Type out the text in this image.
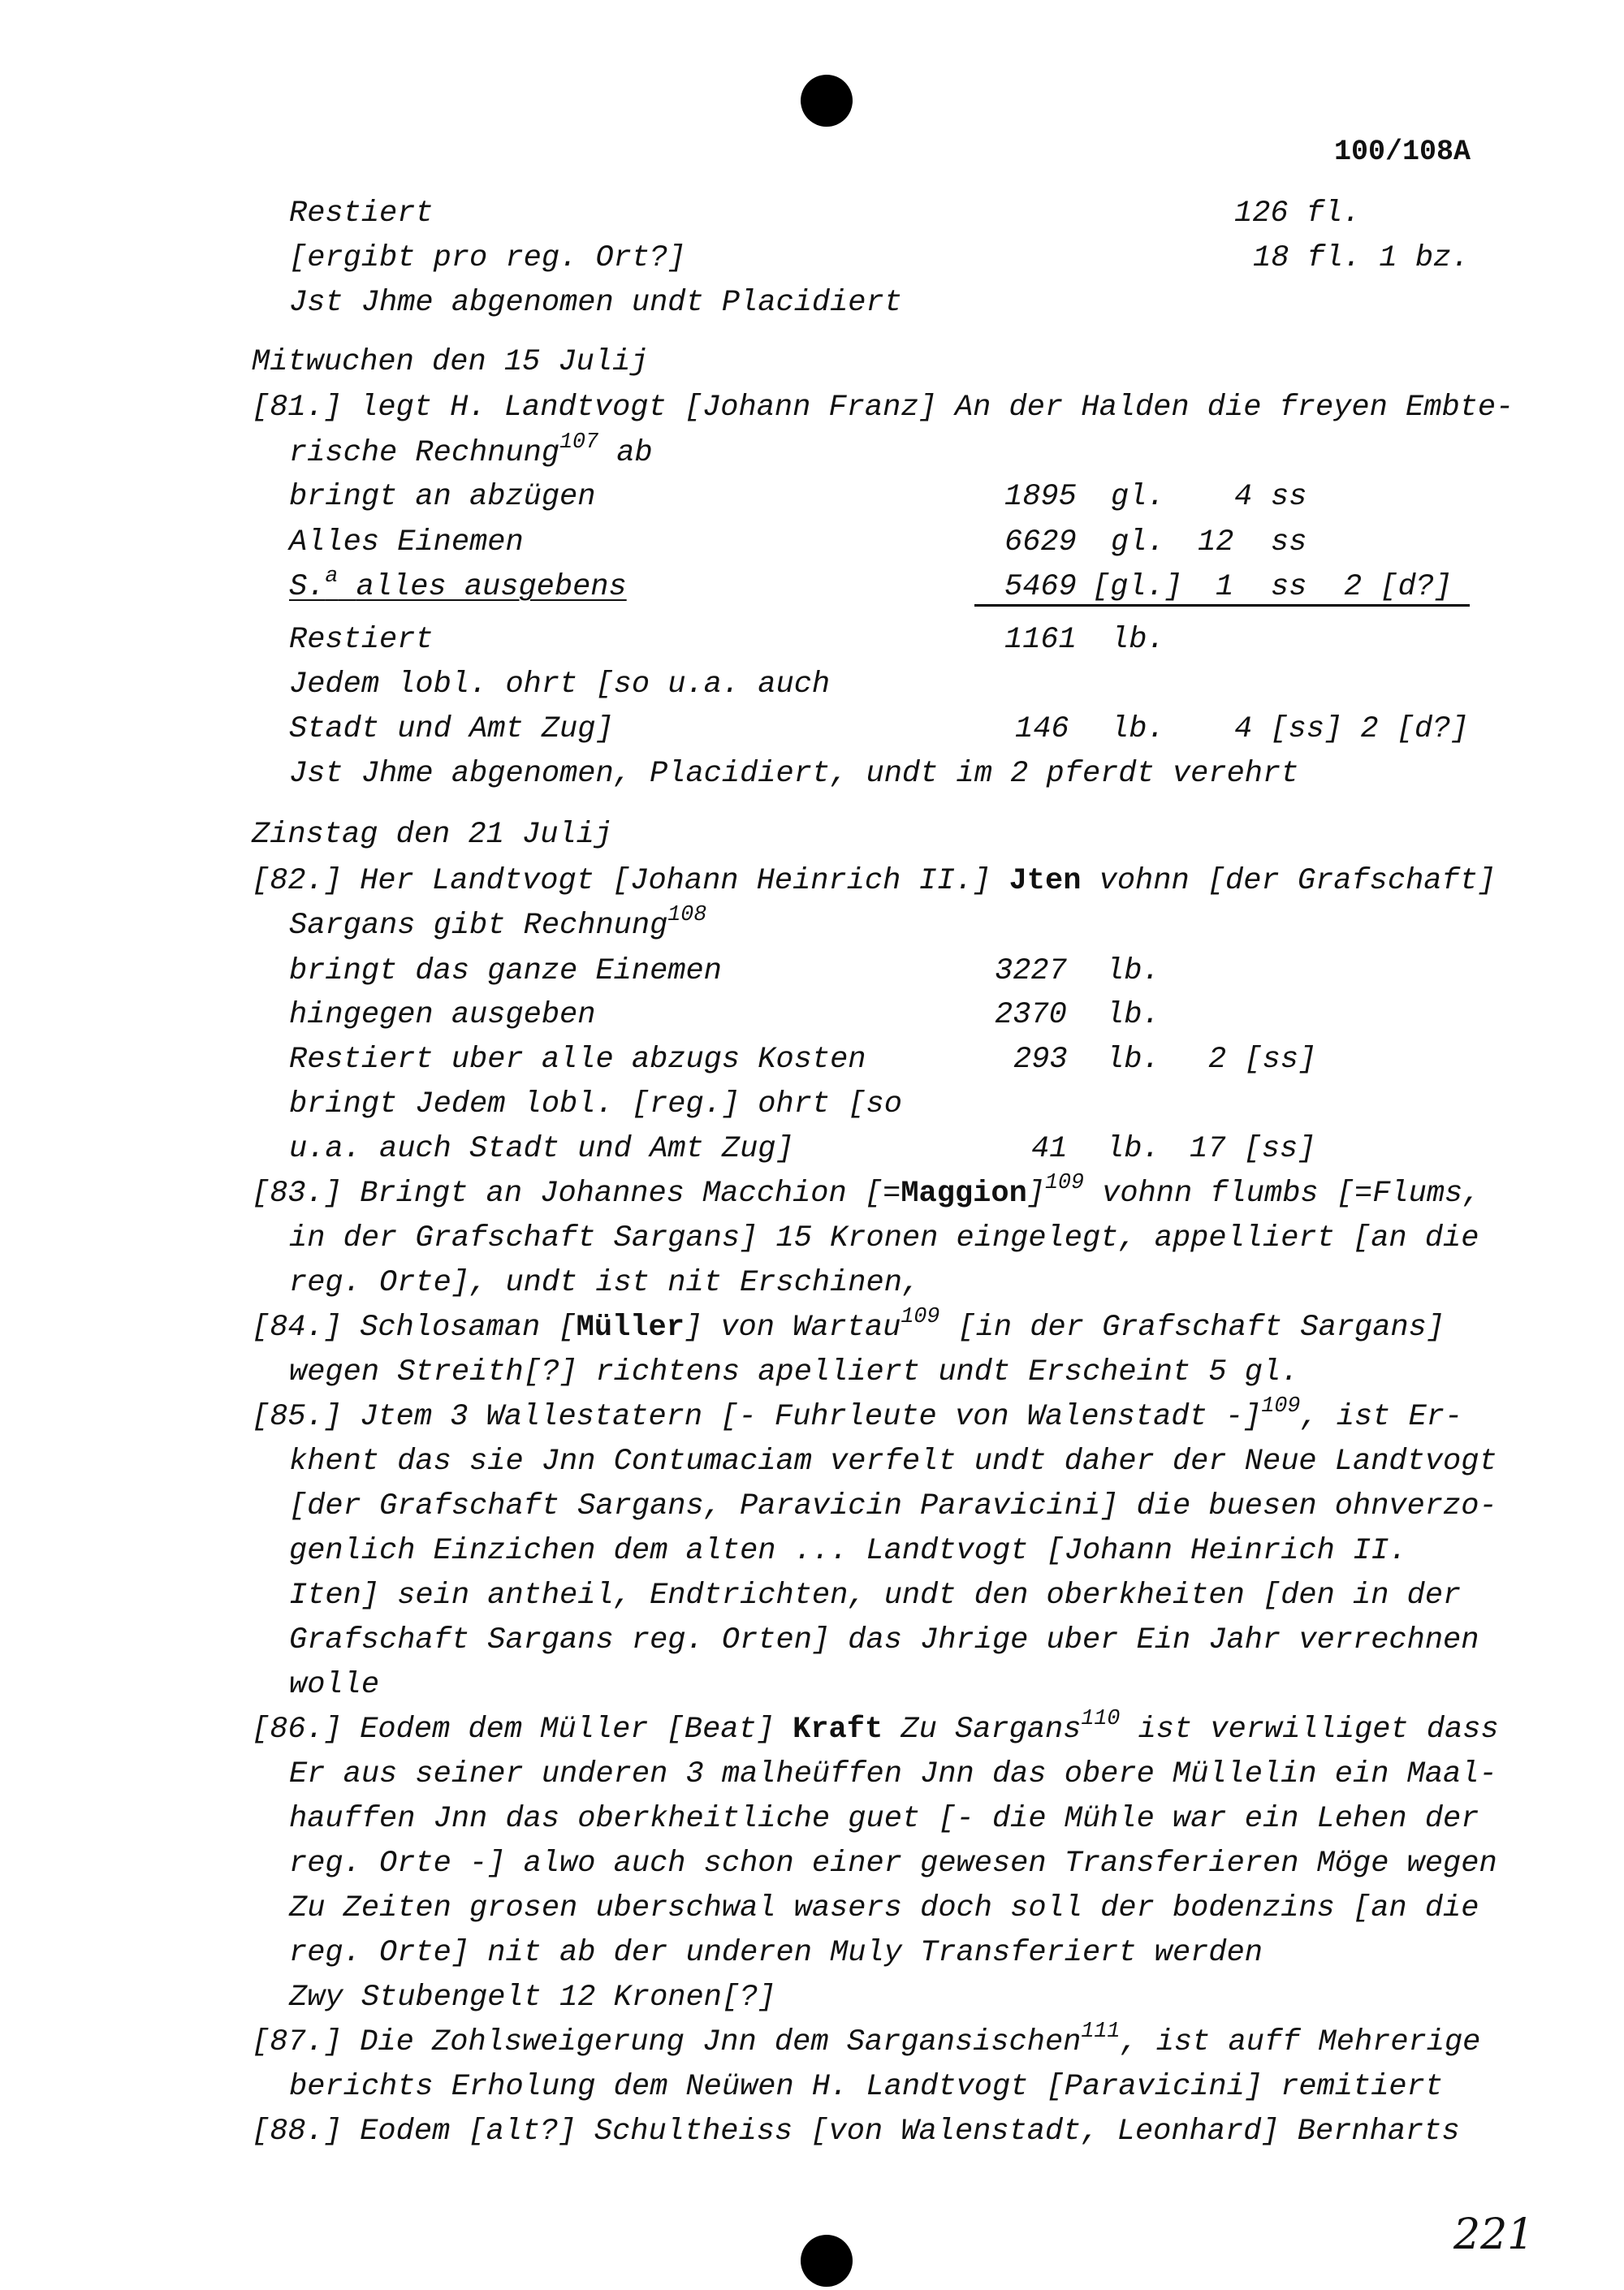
100/108A
Restiert	126 fl.
[ergibt pro reg. Ort?]	18 fl. 1 bz.
Jst Jhme abgenomen undt Placidiert
Mitwuchen den 15 Julij
[81.] legt H. Landtvogt [Johann Franz] An der Halden die freyen Embte-
rische Rechnung$^{107}$ ab
bringt an abzügen	1895 gl. 4 ss
Alles Einemen	6629 gl. 12 ss
S.$^a$ alles ausgebens	5469 [gl.] 1 ss 2 [d?]
Restiert	1161 lb.
Jedem lobl. ohrt [so u.a. auch
Stadt und Amt Zug]	146 lb. 4 [ss] 2 [d?]
Jst Jhme abgenomen, Placidiert, undt im 2 pferdt verehrt
Zinstag den 21 Julij
[82.] Her Landtvogt [Johann Heinrich II.] Jten vohnn [der Grafschaft]
Sargans gibt Rechnung$^{108}$
bringt das ganze Einemen	3227 lb.
hingegen ausgeben	2370 lb.
Restiert uber alle abzugs Kosten	293 lb. 2 [ss]
bringt Jedem lobl. [reg.] ohrt [so
u.a. auch Stadt und Amt Zug]	41 lb. 17 [ss]
[83.] Bringt an Johannes Macchion [=Maggion]$^{109}$ vohnn flumbs [=Flums,
in der Grafschaft Sargans] 15 Kronen eingelegt, appelliert [an die
reg. Orte], undt ist nit Erschinen,
[84.] Schlosaman [Müller] von Wartau$^{109}$ [in der Grafschaft Sargans]
wegen Streith[?] richtens apelliert undt Erscheint 5 gl.
[85.] Jtem 3 Wallestatern [- Fuhrleute von Walenstadt -]$^{109}$, ist Er-
khent das sie Jnn Contumaciam verfelt undt daher der Neue Landtvogt
[der Grafschaft Sargans, Paravicin Paravicini] die buesen ohnverzo-
genlich Einzichen dem alten ... Landtvogt [Johann Heinrich II.
Iten] sein antheil, Endtrichten, undt den oberkheiten [den in der
Grafschaft Sargans reg. Orten] das Jhrige uber Ein Jahr verrechnen
wolle
[86.] Eodem dem Müller [Beat] Kraft Zu Sargans$^{110}$ ist verwilliget dass
Er aus seiner underen 3 malheüffen Jnn das obere Müllelin ein Maal-
hauffen Jnn das oberkheitliche guet [- die Mühle war ein Lehen der
reg. Orte -] alwo auch schon einer gewesen Transferieren Möge wegen
Zu Zeiten grosen uberschwal wasers doch soll der bodenzins [an die
reg. Orte] nit ab der underen Muly Transferiert werden
Zwy Stubengelt 12 Kronen[?]
[87.] Die Zohlsweigerung Jnn dem Sargansischen$^{111}$, ist auff Mehrerige
berichts Erholung dem Neüwen H. Landtvogt [Paravicini] remitiert
[88.] Eodem [alt?] Schultheiss [von Walenstadt, Leonhard] Bernharts
221
